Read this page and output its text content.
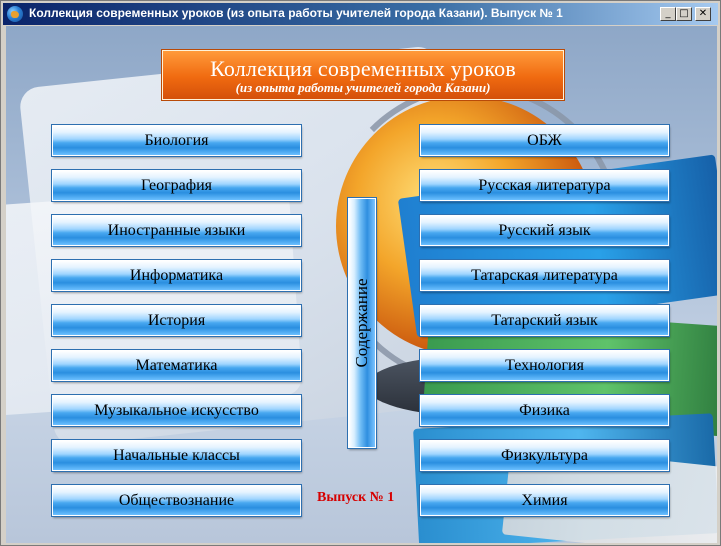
Коллекция современных уроков (из опыта работы учителей города Казани). Выпуск № 1	_ □	✕
Коллекция современных уроков
(из опыта работы учителей города Казани)
Биология
География
Иностранные языки
Информатика
История
Математика
Музыкальное искусство
Начальные классы
Обществознание
ОБЖ
Русская литература
Русский язык
Татарская литература
Татарский язык
Технология
Физика
Физкультура
Химия
Содержание
Выпуск № 1
